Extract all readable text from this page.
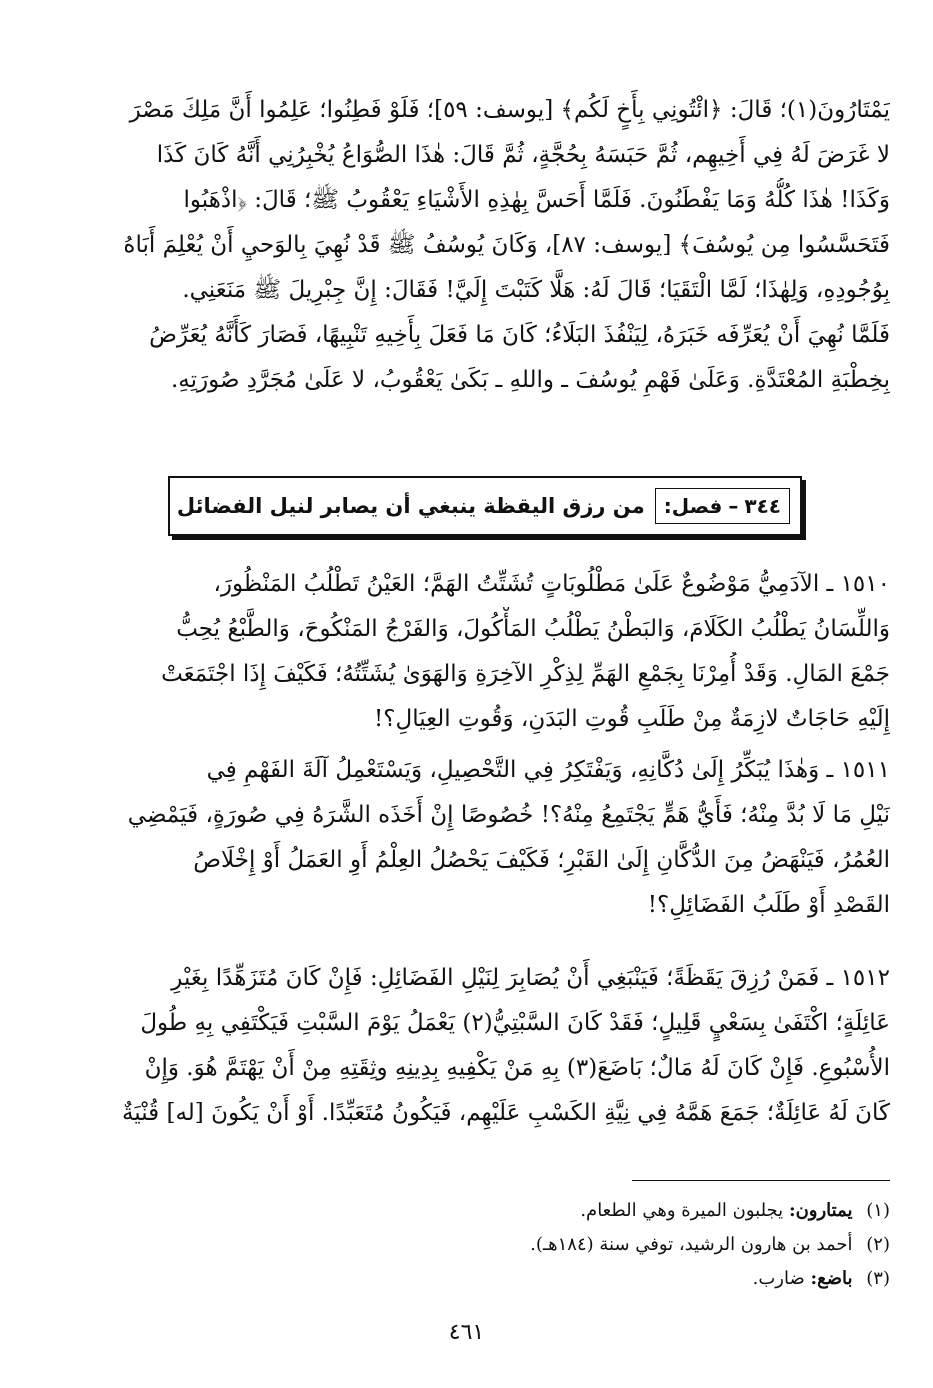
يَمْتَارُونَ(١)؛ قَالَ: ﴿ائْتُونِي بِأَخٍ لَكُم﴾ [يوسف: ٥٩]؛ فَلَوْ فَطِنُوا؛ عَلِمُوا أَنَّ مَلِكَ مَصْرَ
لا غَرَضَ لَهُ فِي أَخِيهِم، ثُمَّ حَبَسَهُ بِحُجَّةٍ، ثُمَّ قَالَ: هٰذَا الصُّوَاعُ يُخْبِرُنِي أَنَّهُ كَانَ كَذَا
وَكَذَا! هٰذَا كُلُّهُ وَمَا يَفْطَنُونَ. فَلَمَّا أَحَسَّ بِهٰذِهِ الأَشْيَاءِ يَعْقُوبُ ﷺ؛ قَالَ: ﴿اذْهَبُوا
فَتَحَسَّسُوا مِن يُوسُفَ﴾ [يوسف: ٨٧]، وَكَانَ يُوسُفُ ﷺ قَدْ نُهِيَ بِالوَحيِ أَنْ يُعْلِمَ أَبَاهُ
بِوُجُودِهِ، وَلِهٰذَا؛ لَمَّا الْتَقَيَا؛ قَالَ لَهُ: هَلَّا كَتَبْتَ إِلَيَّ! فَقَالَ: إِنَّ جِبْرِيلَ ﷺ مَنَعَنِي.
فَلَمَّا نُهِيَ أَنْ يُعَرِّفَه خَبَرَهُ، لِيَنْفُذَ البَلَاءُ؛ كَانَ مَا فَعَلَ بِأَخِيهِ تَنْبِيهًا، فَصَارَ كَأَنَّهُ يُعَرِّضُ
بِخِطْبَةِ المُعْتَدَّةِ. وَعَلَىٰ فَهْمِ يُوسُفَ ـ واللهِ ـ بَكَىٰ يَعْقُوبُ، لا عَلَىٰ مُجَرَّدِ صُورَتِهِ.
٣٤٤
–
فصل:
من رزق اليقظة ينبغي أن يصابر لنيل الفضائل
١٥١٠ ـ الآدَمِيُّ مَوْضُوعٌ عَلَىٰ مَطْلُوبَاتٍ تُشَتِّتُ الهَمَّ؛ العَيْنُ تَطْلُبُ المَنْظُورَ،
وَاللِّسَانُ يَطْلُبُ الكَلَامَ، وَالبَطْنُ يَطْلُبُ المَأْكُولَ، وَالفَرْجُ المَنْكُوحَ، وَالطَّبْعُ يُحِبُّ
جَمْعَ المَالِ. وَقَدْ أُمِرْنَا بِجَمْعِ الهَمِّ لِذِكْرِ الآخِرَةِ وَالهَوَىٰ يُشَتِّتُهُ؛ فَكَيْفَ إِذَا اجْتَمَعَتْ
إِلَيْهِ حَاجَاتٌ لازِمَةٌ مِنْ طَلَبِ قُوتِ البَدَنِ، وَقُوتِ العِيَالِ؟!
١٥١١ ـ وَهٰذَا يُبَكِّرُ إِلَىٰ دُكَّانِهِ، وَيَفْتَكِرُ فِي التَّحْصِيلِ، وَيَسْتَعْمِلُ آلَةَ الفَهْمِ فِي
نَيْلِ مَا لَا بُدَّ مِنْهُ؛ فَأَيُّ هَمٍّ يَجْتَمِعُ مِنْهُ؟! خُصُوصًا إِنْ أَخَذَه الشَّرَهُ فِي صُورَةٍ، فَيَمْضِي
العُمُرُ، فَيَنْهَضُ مِنَ الدُّكَّانِ إِلَىٰ القَبْرِ؛ فَكَيْفَ يَحْصُلُ العِلْمُ أَوِ العَمَلُ أَوْ إِخْلَاصُ
القَصْدِ أَوْ طَلَبُ الفَضَائِلِ؟!
١٥١٢ ـ فَمَنْ رُزِقَ يَقَظَةً؛ فَيَنْبَغِي أَنْ يُصَابِرَ لِنَيْلِ الفَضَائِلِ: فَإِنْ كَانَ مُتَزَهِّدًا بِغَيْرِ
عَائِلَةٍ؛ اكْتَفَىٰ بِسَعْيٍ قَلِيلٍ؛ فَقَدْ كَانَ السَّبْتِيُّ(٢) يَعْمَلُ يَوْمَ السَّبْتِ فَيَكْتَفِي بِهِ طُولَ
الأُسْبُوعِ. فَإِنْ كَانَ لَهُ مَالٌ؛ بَاضَعَ(٣) بِهِ مَنْ يَكْفِيهِ بِدِينِهِ وثِقَتِهِ مِنْ أَنْ يَهْتَمَّ هُوَ. وَإِنْ
كَانَ لَهُ عَائِلَةٌ؛ جَمَعَ هَمَّهُ فِي نِيَّةِ الكَسْبِ عَلَيْهِم، فَيَكُونُ مُتَعَبِّدًا. أَوْ أَنْ يَكُونَ [له] قُنْيَةٌ
(١) يمتارون: يجلبون الميرة وهي الطعام.
(٢) أحمد بن هارون الرشيد، توفي سنة (١٨٤هـ).
(٣) باضع: ضارب.
٤٦١
